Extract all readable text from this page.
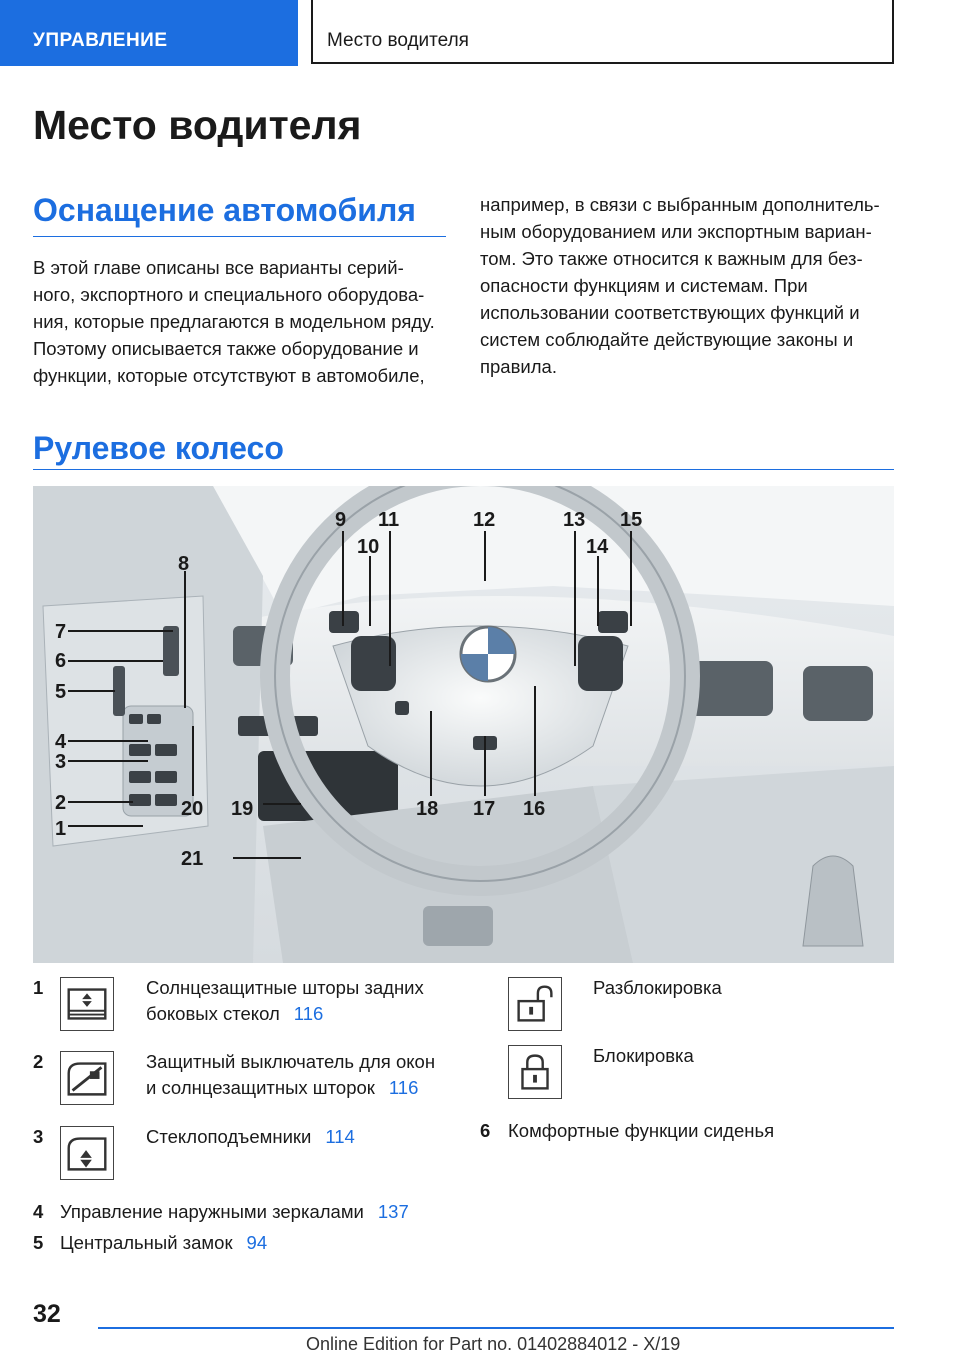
УПРАВЛЕНИЕ	Место водителя
Место водителя
Оснащение автомобиля
В этой главе описаны все варианты серий-
ного, экспортного и специального оборудова-
ния, которые предлагаются в модельном ряду.
Поэтому описывается также оборудование и
функции, которые отсутствуют в автомобиле,
например, в связи с выбранным дополнитель-
ным оборудованием или экспортным вариан-
том. Это также относится к важным для без-
опасности функциям и системам. При
использовании соответствующих функций и
систем соблюдайте действующие законы и
правила.
Рулевое колесо
1
2
3
4
5
6
7
8
9
10
11	12	13
14
15
16
17
18
19
20
21
1	Солнцезащитные шторы задних
боковых стекол 116
2	Защитный выключатель для окон
и солнцезащитных шторок 116
3	Стеклоподъемники 114
4 Управление наружными зеркалами 137
5 Центральный замок 94
Разблокировка
Блокировка
6 Комфортные функции сиденья
32
Online Edition for Part no. 01402884012 - X/19
